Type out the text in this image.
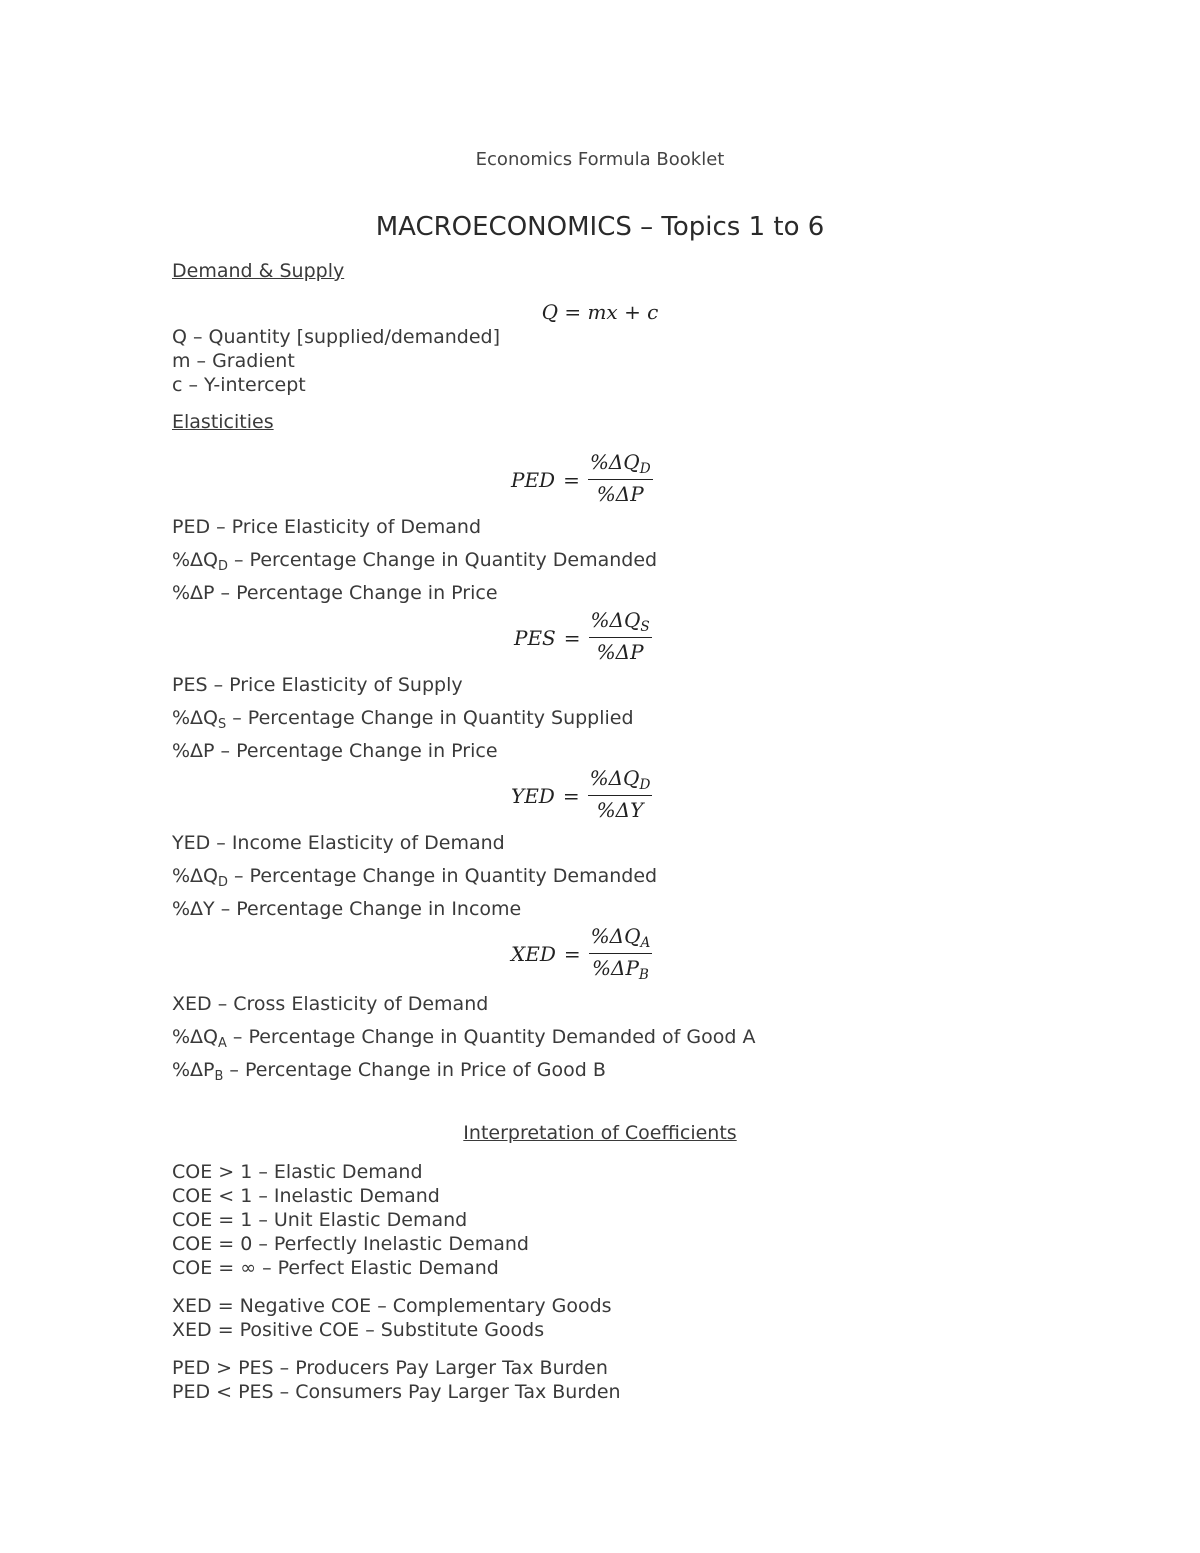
Economics Formula Booklet
MACROECONOMICS – Topics 1 to 6
Demand & Supply
Q = mx + c
Q – Quantity [supplied/demanded]
m – Gradient
c – Y-intercept
Elasticities
PED = $\frac{\%\Delta Q_D}{\%\Delta P}$
PED – Price Elasticity of Demand
$\%\Delta Q_D$ – Percentage Change in Quantity Demanded
%ΔP – Percentage Change in Price
PES = $\frac{\%\Delta Q_S}{\%\Delta P}$
PES – Price Elasticity of Supply
$\%\Delta Q_S$ – Percentage Change in Quantity Supplied
%ΔP – Percentage Change in Price
YED = $\frac{\%\Delta Q_D}{\%\Delta Y}$
YED – Income Elasticity of Demand
$\%\Delta Q_D$ – Percentage Change in Quantity Demanded
%ΔY – Percentage Change in Income
XED = $\frac{\%\Delta Q_A}{\%\Delta P_B}$
XED – Cross Elasticity of Demand
$\%\Delta Q_A$ – Percentage Change in Quantity Demanded of Good A
$\%\Delta P_B$ – Percentage Change in Price of Good B
Interpretation of Coefficients
COE > 1 – Elastic Demand
COE < 1 – Inelastic Demand
COE = 1 – Unit Elastic Demand
COE = 0 – Perfectly Inelastic Demand
COE = ∞ – Perfect Elastic Demand
XED = Negative COE – Complementary Goods
XED = Positive COE – Substitute Goods
PED > PES – Producers Pay Larger Tax Burden
PED < PES – Consumers Pay Larger Tax Burden
